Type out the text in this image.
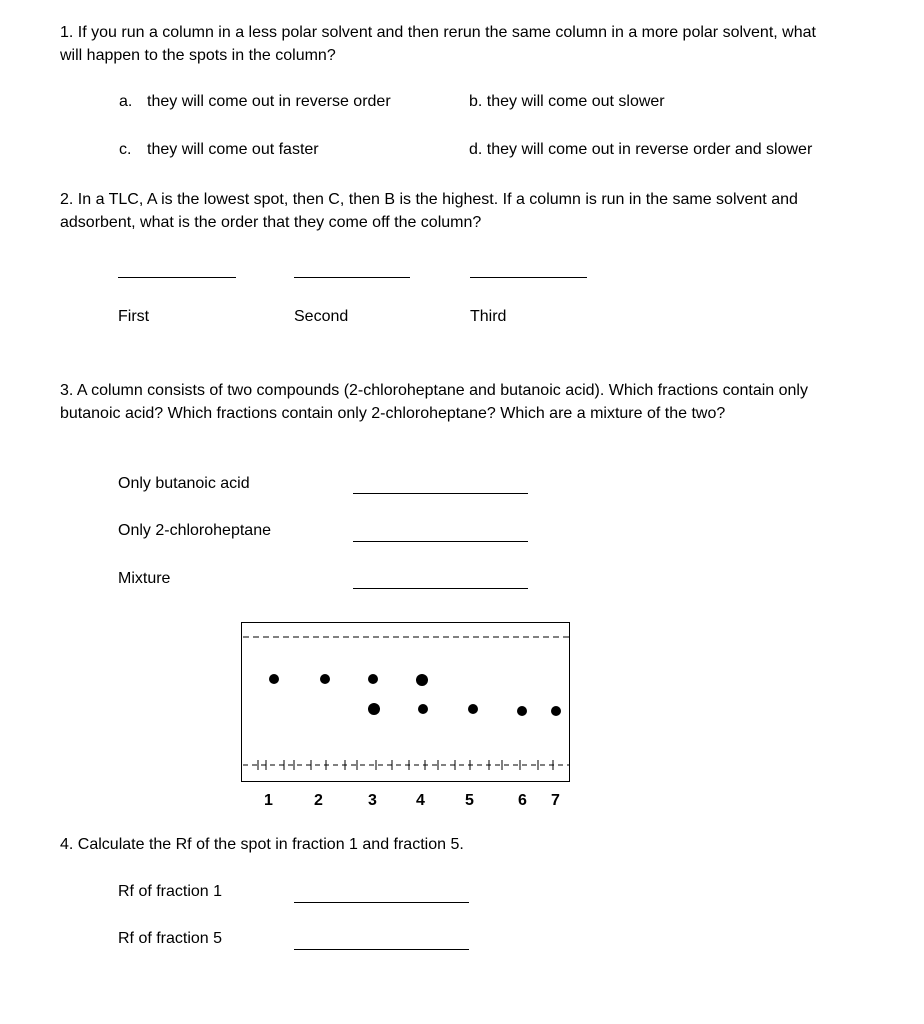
1. If you run a column in a less polar solvent and then rerun the same column in a more polar solvent, what will happen to the spots in the column?
a. they will come out in reverse order	b. they will come out slower
c. they will come out faster	d. they will come out in reverse order and slower
2. In a TLC, A is the lowest spot, then C, then B is the highest. If a column is run in the same solvent and adsorbent, what is the order that they come off the column?
First	Second	Third
3. A column consists of two compounds (2-chloroheptane and butanoic acid). Which fractions contain only butanoic acid? Which fractions contain only 2-chloroheptane? Which are a mixture of the two?
Only butanoic acid
Only 2-chloroheptane
Mixture
1	2	3 4	5	6 7
4. Calculate the Rf of the spot in fraction 1 and fraction 5.
Rf of fraction 1
Rf of fraction 5
